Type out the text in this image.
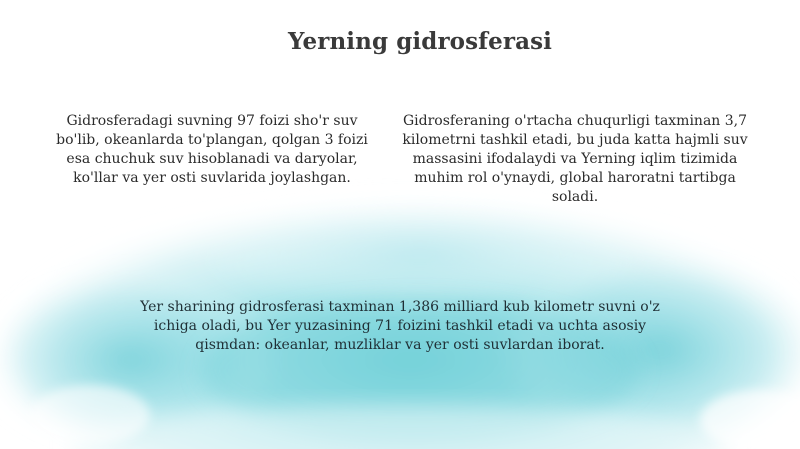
Yerning gidrosferasi
Gidrosferadagi suvning 97 foizi sho'r suv bo'lib, okeanlarda to'plangan, qolgan 3 foizi esa chuchuk suv hisoblanadi va daryolar, ko'llar va yer osti suvlarida joylashgan.
Gidrosferaning o'rtacha chuqurligi taxminan 3,7 kilometrni tashkil etadi, bu juda katta hajmli suv massasini ifodalaydi va Yerning iqlim tizimida muhim rol o'ynaydi, global haroratni tartibga soladi.
Yer sharining gidrosferasi taxminan 1,386 milliard kub kilometr suvni o'z ichiga oladi, bu Yer yuzasining 71 foizini tashkil etadi va uchta asosiy qismdan: okeanlar, muzliklar va yer osti suvlardan iborat.
